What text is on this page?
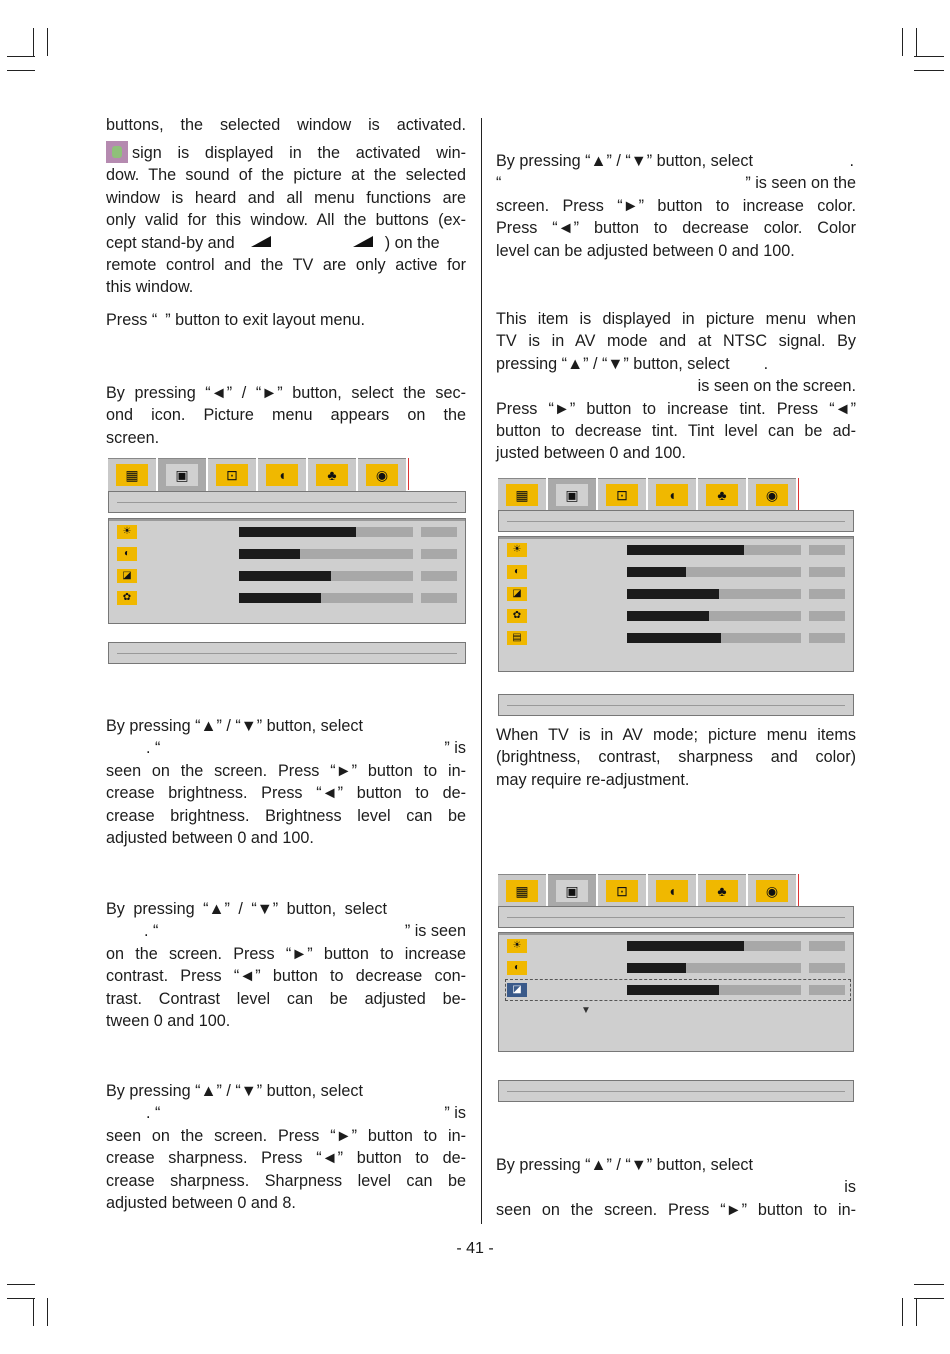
buttons, the selected window is activated.
sign is displayed in the activated win-
dow. The sound of the picture at the selected
window is heard and all menu functions are
only valid for this window. All the buttons (ex-
cept stand-by and	) on the
remote control and the TV are only active for
this window.
Press “ ” button to exit layout menu.
By pressing “◄” / “►” button, select the sec-
ond icon. Picture menu appears on the
screen.
▦	▣	⊡	◖	♣	◉
☀
◐
◪
✿
By pressing “▲” / “▼” button, select
. “	” is
seen on the screen. Press “►” button to in-
crease brightness. Press “◄” button to de-
crease brightness. Brightness level can be
adjusted between 0 and 100.
By pressing “▲” / “▼” button, select
. “	” is seen
on the screen. Press “►” button to increase
contrast. Press “◄” button to decrease con-
trast. Contrast level can be adjusted be-
tween 0 and 100.
By pressing “▲” / “▼” button, select
. “	” is
seen on the screen. Press “►” button to in-
crease sharpness. Press “◄” button to de-
crease sharpness. Sharpness level can be
adjusted between 0 and 8.
By pressing “▲” / “▼” button, select	.
“	” is seen on the
screen. Press “►” button to increase color.
Press “◄” button to decrease color. Color
level can be adjusted between 0 and 100.
This item is displayed in picture menu when
TV is in AV mode and at NTSC signal. By
pressing “▲” / “▼” button, select .
is seen on the screen.

Press “►” button to increase tint. Press “◄”
button to decrease tint. Tint level can be ad-
justed between 0 and 100.
▦	▣	⊡	◖	♣	◉
☀
◐
◪
✿
▤
When TV is in AV mode; picture menu items
(brightness, contrast, sharpness and color)
may require re-adjustment.
▦	▣	⊡	◖	♣	◉
☀
◐
◪
▼
By pressing “▲” / “▼” button, select
is
seen on the screen. Press “►” button to in-
- 41 -
